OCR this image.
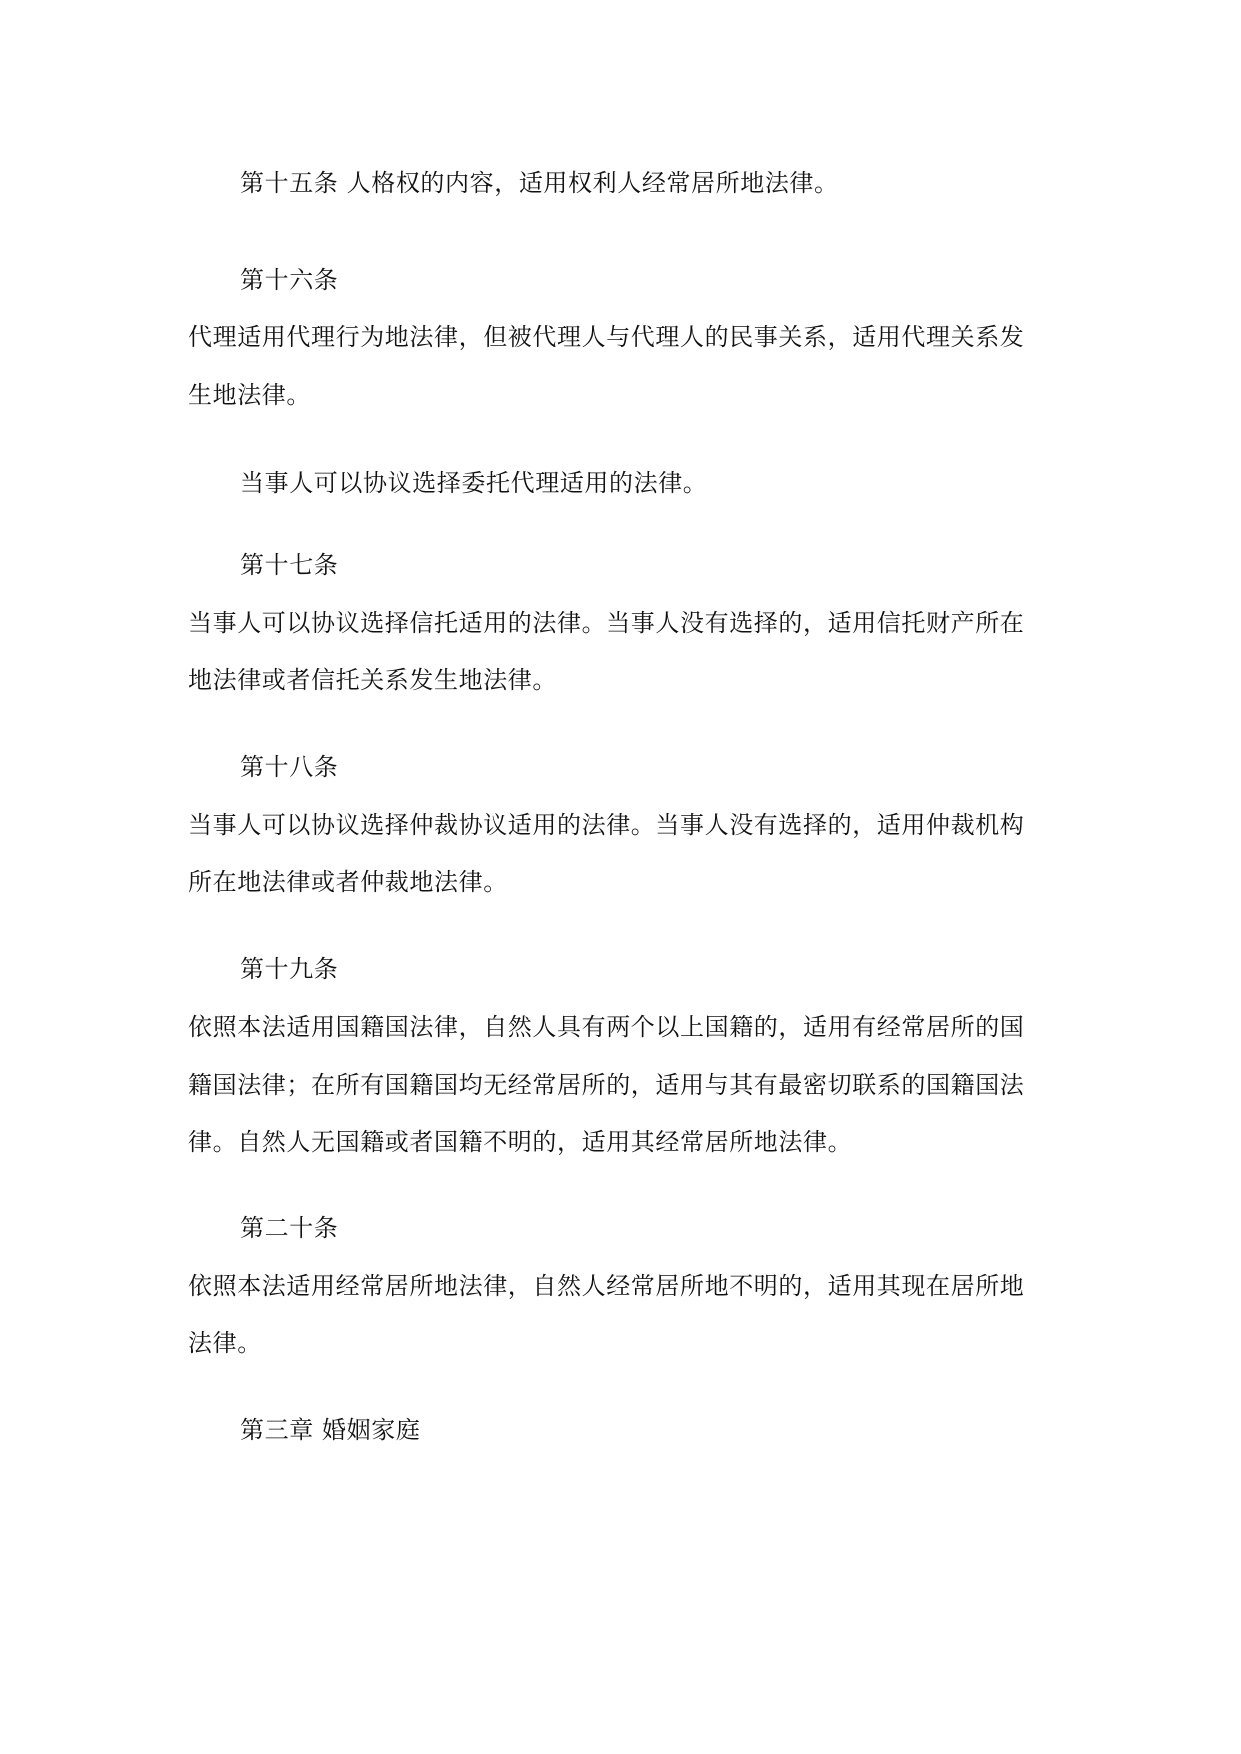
第十五条 人格权的内容，适用权利人经常居所地法律。
第十六条
代理适用代理行为地法律，但被代理人与代理人的民事关系，适用代理关系发
生地法律。
当事人可以协议选择委托代理适用的法律。
第十七条
当事人可以协议选择信托适用的法律。当事人没有选择的，适用信托财产所在
地法律或者信托关系发生地法律。
第十八条
当事人可以协议选择仲裁协议适用的法律。当事人没有选择的，适用仲裁机构
所在地法律或者仲裁地法律。
第十九条
依照本法适用国籍国法律，自然人具有两个以上国籍的，适用有经常居所的国
籍国法律；在所有国籍国均无经常居所的，适用与其有最密切联系的国籍国法
律。自然人无国籍或者国籍不明的，适用其经常居所地法律。
第二十条
依照本法适用经常居所地法律，自然人经常居所地不明的，适用其现在居所地
法律。
第三章 婚姻家庭
